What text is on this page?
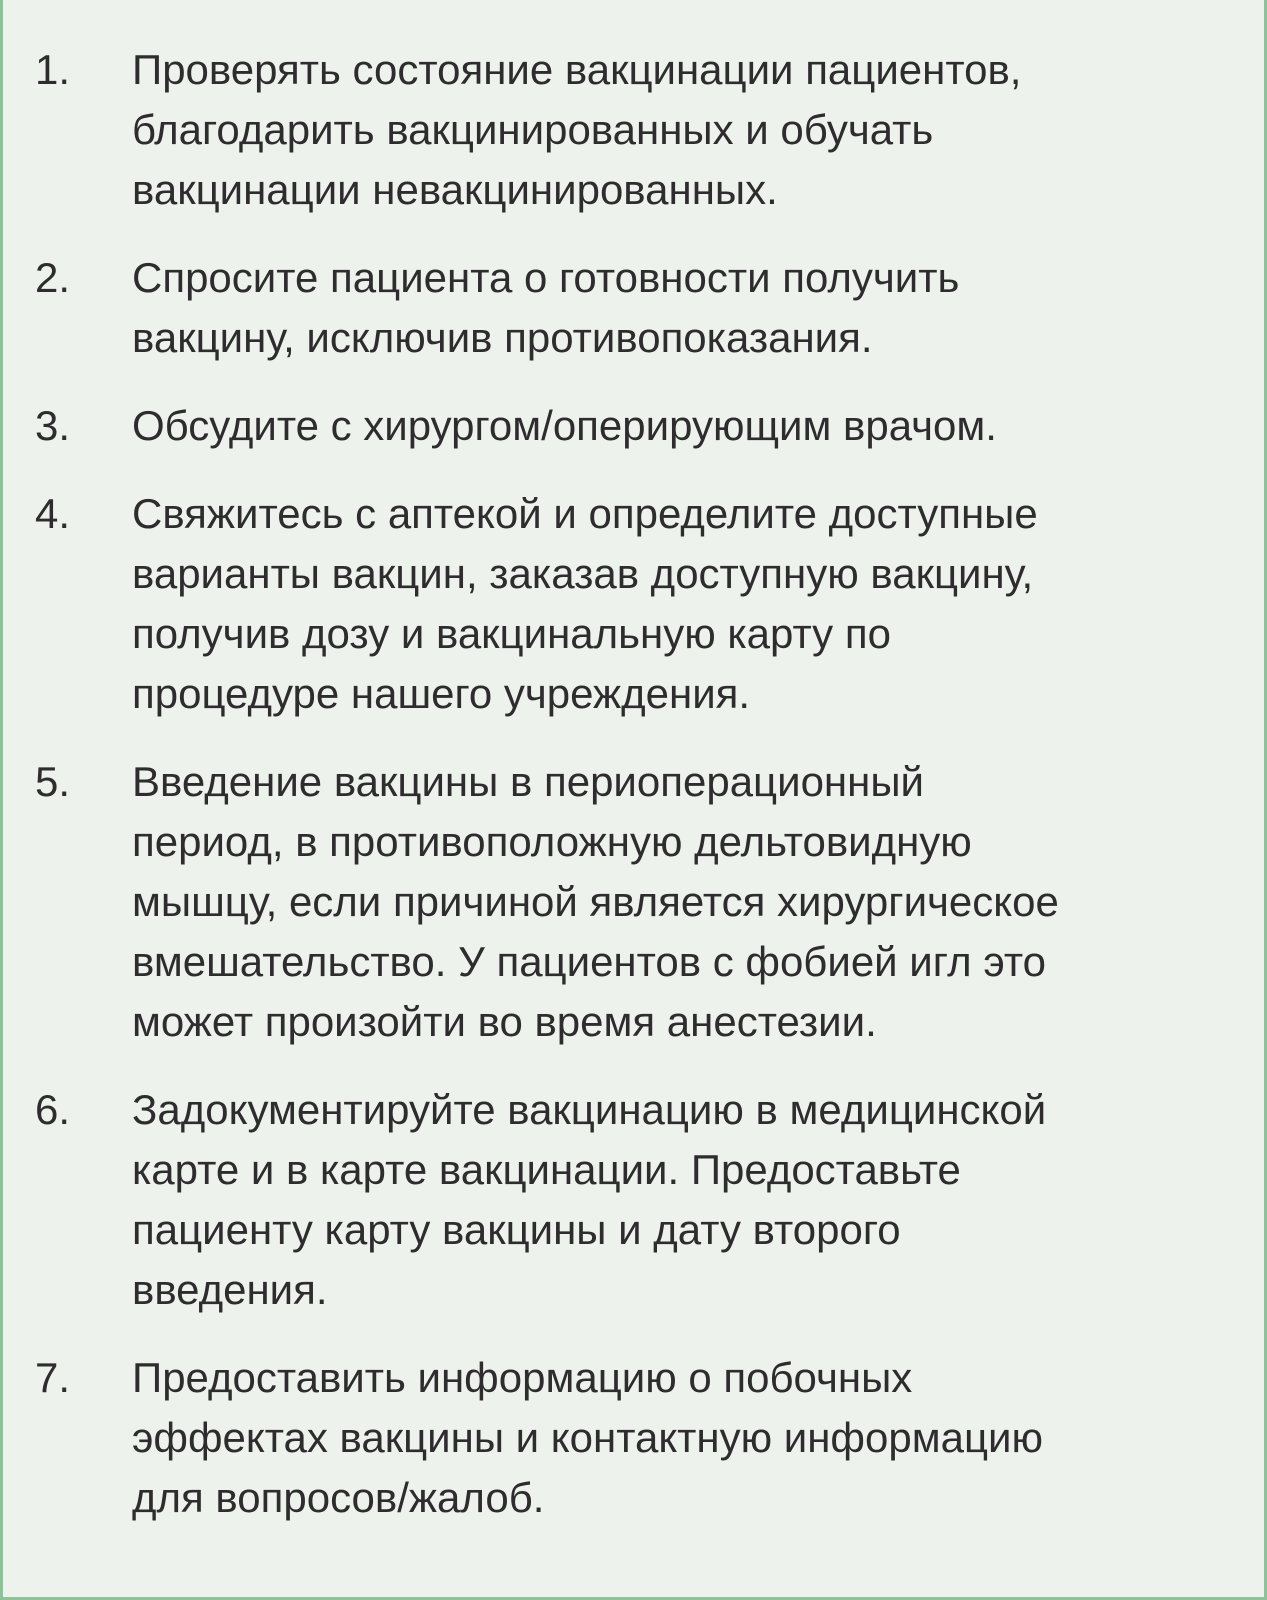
1.	Проверять состояние вакцинации пациентов,
благодарить вакцинированных и обучать
вакцинации невакцинированных.
2.	Спросите пациента о готовности получить
вакцину, исключив противопоказания.
3.	Обсудите с хирургом/оперирующим врачом.
4.	Свяжитесь с аптекой и определите доступные
варианты вакцин, заказав доступную вакцину,
получив дозу и вакцинальную карту по
процедуре нашего учреждения.
5.	Введение вакцины в периоперационный
период, в противоположную дельтовидную
мышцу, если причиной является хирургическое
вмешательство. У пациентов с фобией игл это
может произойти во время анестезии.
6.	Задокументируйте вакцинацию в медицинской
карте и в карте вакцинации. Предоставьте
пациенту карту вакцины и дату второго
введения.
7.	Предоставить информацию о побочных
эффектах вакцины и контактную информацию
для вопросов/жалоб.
